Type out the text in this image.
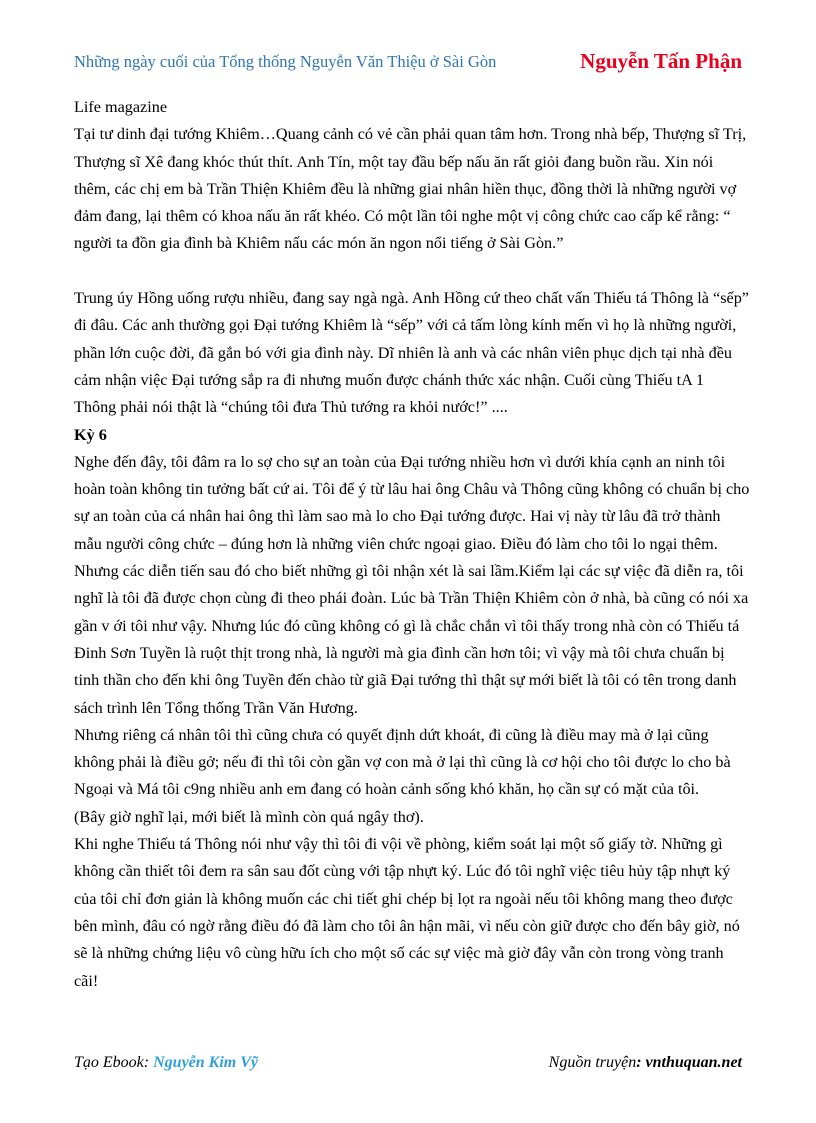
Những ngày cuối của Tổng thống Nguyễn Văn Thiệu ở Sài Gòn	Nguyễn Tấn Phận

Life magazine

Tại tư dinh đại tướng Khiêm…Quang cảnh có vẻ cần phải quan tâm hơn. Trong nhà bếp, Thượng sĩ Trị, Thượng sĩ Xê đang khóc thút thít. Anh Tín, một tay đầu bếp nấu ăn rất giỏi đang buồn rầu. Xin nói thêm, các chị em bà Trần Thiện Khiêm đều là những giai nhân hiền thục, đồng thời là những người vợ đảm đang, lại thêm có khoa nấu ăn rất khéo. Có một lần tôi nghe một vị công chức cao cấp kể rằng: “ người ta đồn gia đình bà Khiêm nấu các món ăn ngon nổi tiếng ở Sài Gòn.”

Trung úy Hồng uống rượu nhiều, đang say ngà ngà. Anh Hồng cứ theo chất vấn Thiếu tá Thông là “sếp” đi đâu. Các anh thường gọi Đại tướng Khiêm là “sếp” với cả tấm lòng kính mến vì họ là những người, phần lớn cuộc đời, đã gắn bó với gia đình này. Dĩ nhiên là anh và các nhân viên phục dịch tại nhà đều cảm nhận việc Đại tướng sắp ra đi nhưng muốn được chánh thức xác nhận. Cuối cùng Thiếu tA 1 Thông phải nói thật là “chúng tôi đưa Thủ tướng ra khỏi nước!” ....

Kỳ 6

Nghe đến đây, tôi đâm ra lo sợ cho sự an toàn của Đại tướng nhiều hơn vì dưới khía cạnh an ninh tôi hoàn toàn không tin tưởng bất cứ ai. Tôi để ý từ lâu hai ông Châu và Thông cũng không có chuẩn bị cho sự an toàn của cá nhân hai ông thì làm sao mà lo cho Đại tướng được. Hai vị này từ lâu đã trở thành mẫu người công chức – đúng hơn là những viên chức ngoại giao. Điều đó làm cho tôi lo ngại thêm. Nhưng các diễn tiến sau đó cho biết những gì tôi nhận xét là sai lầm.Kiểm lại các sự việc đã diễn ra, tôi nghĩ là tôi đã được chọn cùng đi theo phái đoàn. Lúc bà Trần Thiện Khiêm còn ở nhà, bà cũng có nói xa gần v ới tôi như vậy. Nhưng lúc đó cũng không có gì là chắc chắn vì tôi thấy trong nhà còn có Thiếu tá Đinh Sơn Tuyền là ruột thịt trong nhà, là người mà gia đình cần hơn tôi; vì vậy mà tôi chưa chuẩn bị tinh thần cho đến khi ông Tuyền đến chào từ giã Đại tướng thì thật sự mới biết là tôi có tên trong danh sách trình lên Tổng thống Trần Văn Hương.

Nhưng riêng cá nhân tôi thì cũng chưa có quyết định dứt khoát, đi cũng là điều may mà ở lại cũng không phải là điều gở; nếu đi thì tôi còn gần vợ con mà ở lại thì cũng là cơ hội cho tôi được lo cho bà Ngoại và Má tôi c9ng nhiều anh em đang có hoàn cảnh sống khó khăn, họ cần sự có mặt của tôi.

(Bây giờ nghĩ lại, mới biết là mình còn quá ngây thơ).

Khi nghe Thiếu tá Thông nói như vậy thì tôi đi vội về phòng, kiểm soát lại một số giấy tờ. Những gì không cần thiết tôi đem ra sân sau đốt cùng với tập nhựt ký. Lúc đó tôi nghĩ việc tiêu hủy tập nhựt ký của tôi chỉ đơn giản là không muốn các chi tiết ghi chép bị lọt ra ngoài nếu tôi không mang theo được bên mình, đâu có ngờ rằng điều đó đã làm cho tôi ân hận mãi, vì nếu còn giữ được cho đến bây giờ, nó sẽ là những chứng liệu vô cùng hữu ích cho một số các sự việc mà giờ đây vẫn còn trong vòng tranh cãi!

Tạo Ebook: Nguyễn Kim Vỹ	Nguồn truyện: vnthuquan.net
